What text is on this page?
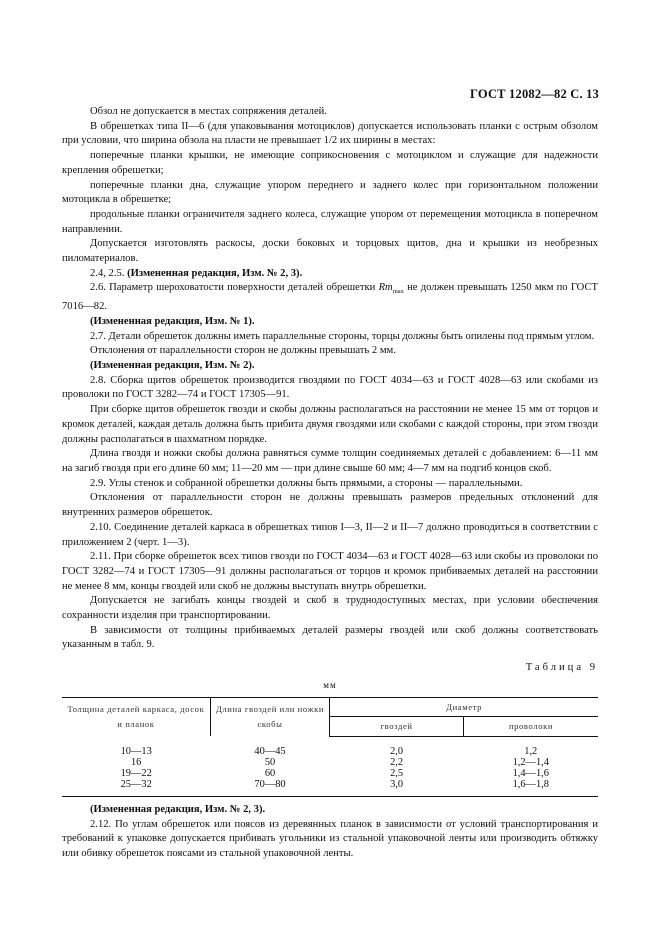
ГОСТ 12082—82 С. 13

Обзол не допускается в местах сопряжения деталей.

В обрешетках типа II—6 (для упаковывания мотоциклов) допускается использовать планки с острым обзолом при условии, что ширина обзола на пласти не превышает 1/2 их ширины в местах:

поперечные планки крышки, не имеющие соприкосновения с мотоциклом и служащие для надежности крепления обрешетки;

поперечные планки дна, служащие упором переднего и заднего колес при горизонтальном положении мотоцикла в обрешетке;

продольные планки ограничителя заднего колеса, служащие упором от перемещения мотоцикла в поперечном направлении.

Допускается изготовлять раскосы, доски боковых и торцовых щитов, дна и крышки из необрезных пиломатериалов.

2.4, 2.5. (Измененная редакция, Изм. № 2, 3).

2.6. Параметр шероховатости поверхности деталей обрешетки $Rm_{max}$ не должен превышать 1250 мкм по ГОСТ 7016—82.

(Измененная редакция, Изм. № 1).

2.7. Детали обрешеток должны иметь параллельные стороны, торцы должны быть опилены под прямым углом.

Отклонения от параллельности сторон не должны превышать 2 мм.

(Измененная редакция, Изм. № 2).

2.8. Сборка щитов обрешеток производится гвоздями по ГОСТ 4034—63 и ГОСТ 4028—63 или скобами из проволоки по ГОСТ 3282—74 и ГОСТ 17305—91.

При сборке щитов обрешеток гвозди и скобы должны располагаться на расстоянии не менее 15 мм от торцов и кромок деталей, каждая деталь должна быть прибита двумя гвоздями или скобами с каждой стороны, при этом гвозди должны располагаться в шахматном порядке.

Длина гвоздя и ножки скобы должна равняться сумме толщин соединяемых деталей с добавлением: 6—11 мм на загиб гвоздя при его длине 60 мм; 11—20 мм — при длине свыше 60 мм; 4—7 мм на подгиб концов скоб.

2.9. Углы стенок и собранной обрешетки должны быть прямыми, а стороны — параллельными.

Отклонения от параллельности сторон не должны превышать размеров предельных отклонений для внутренних размеров обрешеток.

2.10. Соединение деталей каркаса в обрешетках типов I—3, II—2 и II—7 должно проводиться в соответствии с приложением 2 (черт. 1—3).

2.11. При сборке обрешеток всех типов гвозди по ГОСТ 4034—63 и ГОСТ 4028—63 или скобы из проволоки по ГОСТ 3282—74 и ГОСТ 17305—91 должны располагаться от торцов и кромок прибиваемых деталей на расстоянии не менее 8 мм, концы гвоздей или скоб не должны выступать внутрь обрешетки.

Допускается не загибать концы гвоздей и скоб в труднодоступных местах, при условии обеспечения сохранности изделия при транспортировании.

В зависимости от толщины прибиваемых деталей размеры гвоздей или скоб должны соответствовать указанным в табл. 9.

Таблица 9

мм

Толщина деталей каркаса, досок и планок	Длина гвоздей или ножки скобы	Диаметр	
		гвоздей	проволоки
10—13	40—45	2,0	1,2
16	50	2,2	1,2—1,4
19—22	60	2,5	1,4—1,6
25—32	70—80	3,0	1,6—1,8

(Измененная редакция, Изм. № 2, 3).

2.12. По углам обрешеток или поясов из деревянных планок в зависимости от условий транспортирования и требований к упаковке допускается прибивать угольники из стальной упаковочной ленты или производить обтяжку или обивку обрешеток поясами из стальной упаковочной ленты.
